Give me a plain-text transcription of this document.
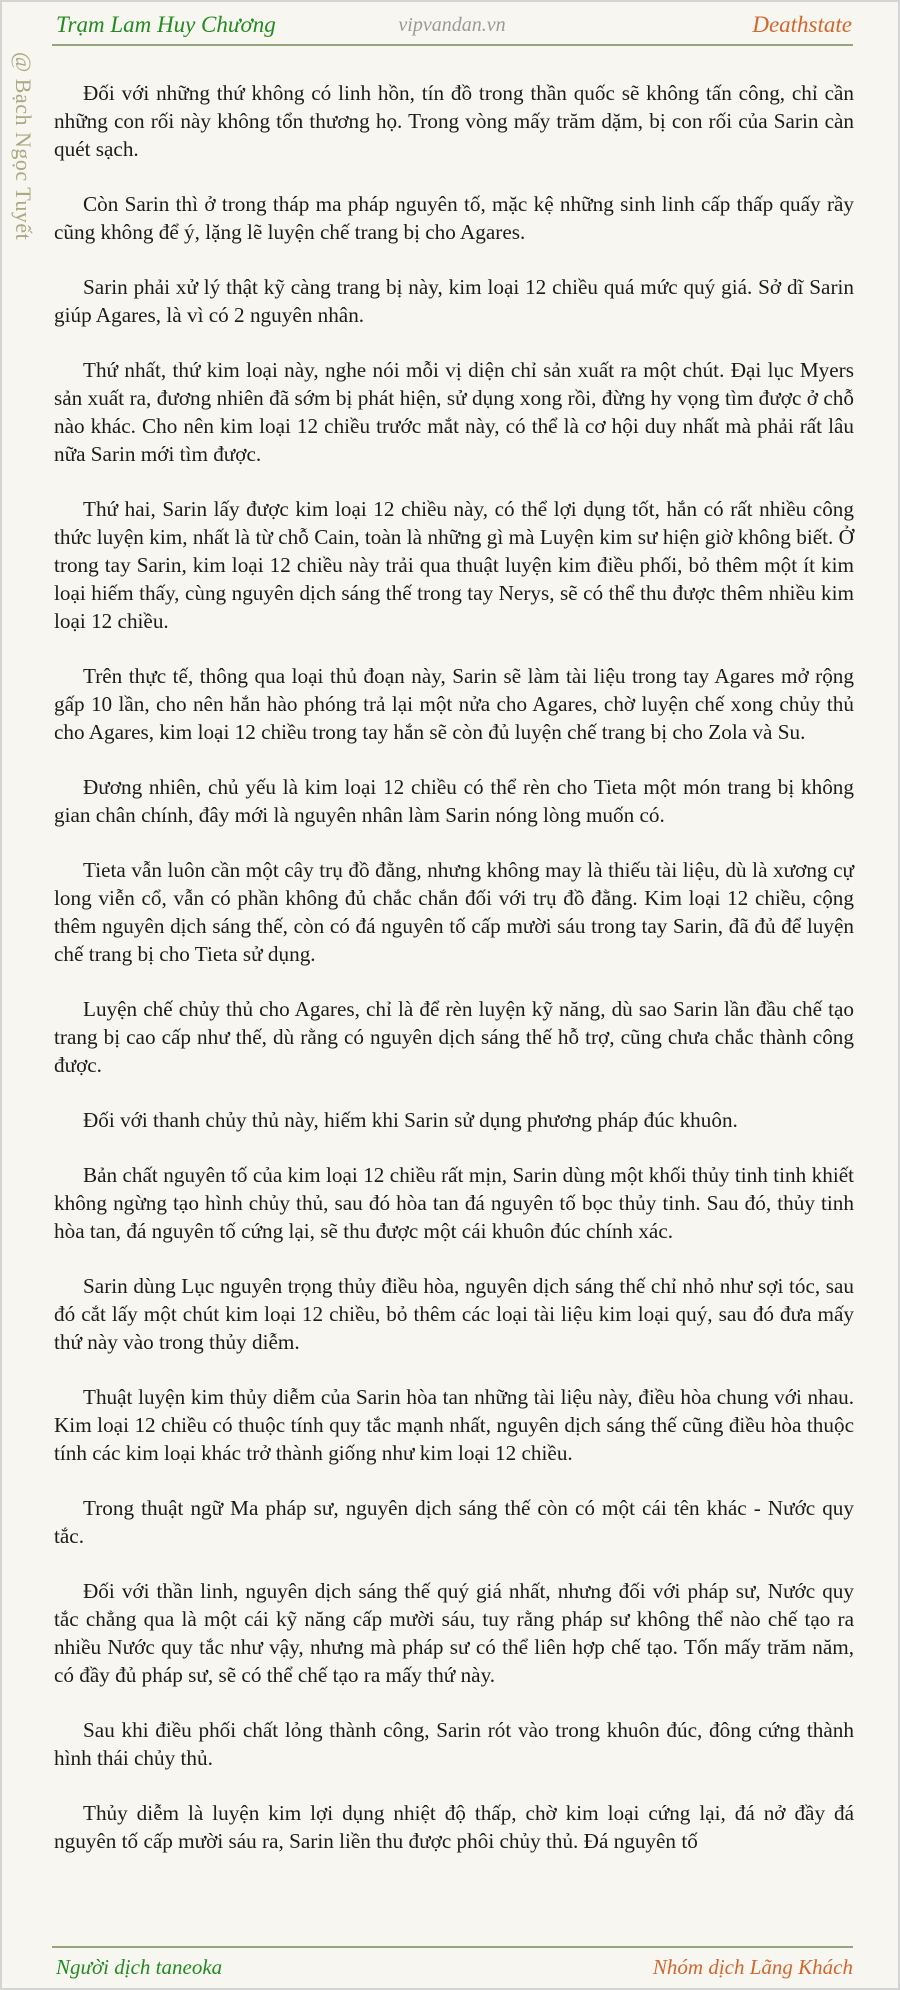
Trạm Lam Huy Chương	vipvandan.vn	Deathstate
@ Bạch Ngọc Tuyết	Đối với những thứ không có linh hồn, tín đồ trong thần quốc sẽ không tấn công, chỉ cần những con rối này không tổn thương họ. Trong vòng mấy trăm dặm, bị con rối của Sarin càn quét sạch.

Còn Sarin thì ở trong tháp ma pháp nguyên tố, mặc kệ những sinh linh cấp thấp quấy rầy cũng không để ý, lặng lẽ luyện chế trang bị cho Agares.

Sarin phải xử lý thật kỹ càng trang bị này, kim loại 12 chiều quá mức quý giá. Sở dĩ Sarin giúp Agares, là vì có 2 nguyên nhân.

Thứ nhất, thứ kim loại này, nghe nói mỗi vị diện chỉ sản xuất ra một chút. Đại lục Myers sản xuất ra, đương nhiên đã sớm bị phát hiện, sử dụng xong rồi, đừng hy vọng tìm được ở chỗ nào khác. Cho nên kim loại 12 chiều trước mắt này, có thể là cơ hội duy nhất mà phải rất lâu nữa Sarin mới tìm được.

Thứ hai, Sarin lấy được kim loại 12 chiều này, có thể lợi dụng tốt, hắn có rất nhiều công thức luyện kim, nhất là từ chỗ Cain, toàn là những gì mà Luyện kim sư hiện giờ không biết. Ở trong tay Sarin, kim loại 12 chiều này trải qua thuật luyện kim điều phối, bỏ thêm một ít kim loại hiếm thấy, cùng nguyên dịch sáng thế trong tay Nerys, sẽ có thể thu được thêm nhiều kim loại 12 chiều.

Trên thực tế, thông qua loại thủ đoạn này, Sarin sẽ làm tài liệu trong tay Agares mở rộng gấp 10 lần, cho nên hắn hào phóng trả lại một nửa cho Agares, chờ luyện chế xong chủy thủ cho Agares, kim loại 12 chiều trong tay hắn sẽ còn đủ luyện chế trang bị cho Zola và Su.

Đương nhiên, chủ yếu là kim loại 12 chiều có thể rèn cho Tieta một món trang bị không gian chân chính, đây mới là nguyên nhân làm Sarin nóng lòng muốn có.

Tieta vẫn luôn cần một cây trụ đồ đằng, nhưng không may là thiếu tài liệu, dù là xương cự long viễn cổ, vẫn có phần không đủ chắc chắn đối với trụ đồ đằng. Kim loại 12 chiều, cộng thêm nguyên dịch sáng thế, còn có đá nguyên tố cấp mười sáu trong tay Sarin, đã đủ để luyện chế trang bị cho Tieta sử dụng.

Luyện chế chủy thủ cho Agares, chỉ là để rèn luyện kỹ năng, dù sao Sarin lần đầu chế tạo trang bị cao cấp như thế, dù rằng có nguyên dịch sáng thế hỗ trợ, cũng chưa chắc thành công được.

Đối với thanh chủy thủ này, hiếm khi Sarin sử dụng phương pháp đúc khuôn.

Bản chất nguyên tố của kim loại 12 chiều rất mịn, Sarin dùng một khối thủy tinh tinh khiết không ngừng tạo hình chủy thủ, sau đó hòa tan đá nguyên tố bọc thủy tinh. Sau đó, thủy tinh hòa tan, đá nguyên tố cứng lại, sẽ thu được một cái khuôn đúc chính xác.

Sarin dùng Lục nguyên trọng thủy điều hòa, nguyên dịch sáng thế chỉ nhỏ như sợi tóc, sau đó cắt lấy một chút kim loại 12 chiều, bỏ thêm các loại tài liệu kim loại quý, sau đó đưa mấy thứ này vào trong thủy diễm.

Thuật luyện kim thủy diễm của Sarin hòa tan những tài liệu này, điều hòa chung với nhau. Kim loại 12 chiều có thuộc tính quy tắc mạnh nhất, nguyên dịch sáng thế cũng điều hòa thuộc tính các kim loại khác trở thành giống như kim loại 12 chiều.

Trong thuật ngữ Ma pháp sư, nguyên dịch sáng thế còn có một cái tên khác - Nước quy tắc.

Đối với thần linh, nguyên dịch sáng thế quý giá nhất, nhưng đối với pháp sư, Nước quy tắc chẳng qua là một cái kỹ năng cấp mười sáu, tuy rằng pháp sư không thể nào chế tạo ra nhiều Nước quy tắc như vậy, nhưng mà pháp sư có thể liên hợp chế tạo. Tốn mấy trăm năm, có đầy đủ pháp sư, sẽ có thể chế tạo ra mấy thứ này.

Sau khi điều phối chất lỏng thành công, Sarin rót vào trong khuôn đúc, đông cứng thành hình thái chủy thủ.

Thủy diễm là luyện kim lợi dụng nhiệt độ thấp, chờ kim loại cứng lại, đá nở đầy đá nguyên tố cấp mười sáu ra, Sarin liền thu được phôi chủy thủ. Đá nguyên tố

Người dịch taneoka	Nhóm dịch Lãng Khách
